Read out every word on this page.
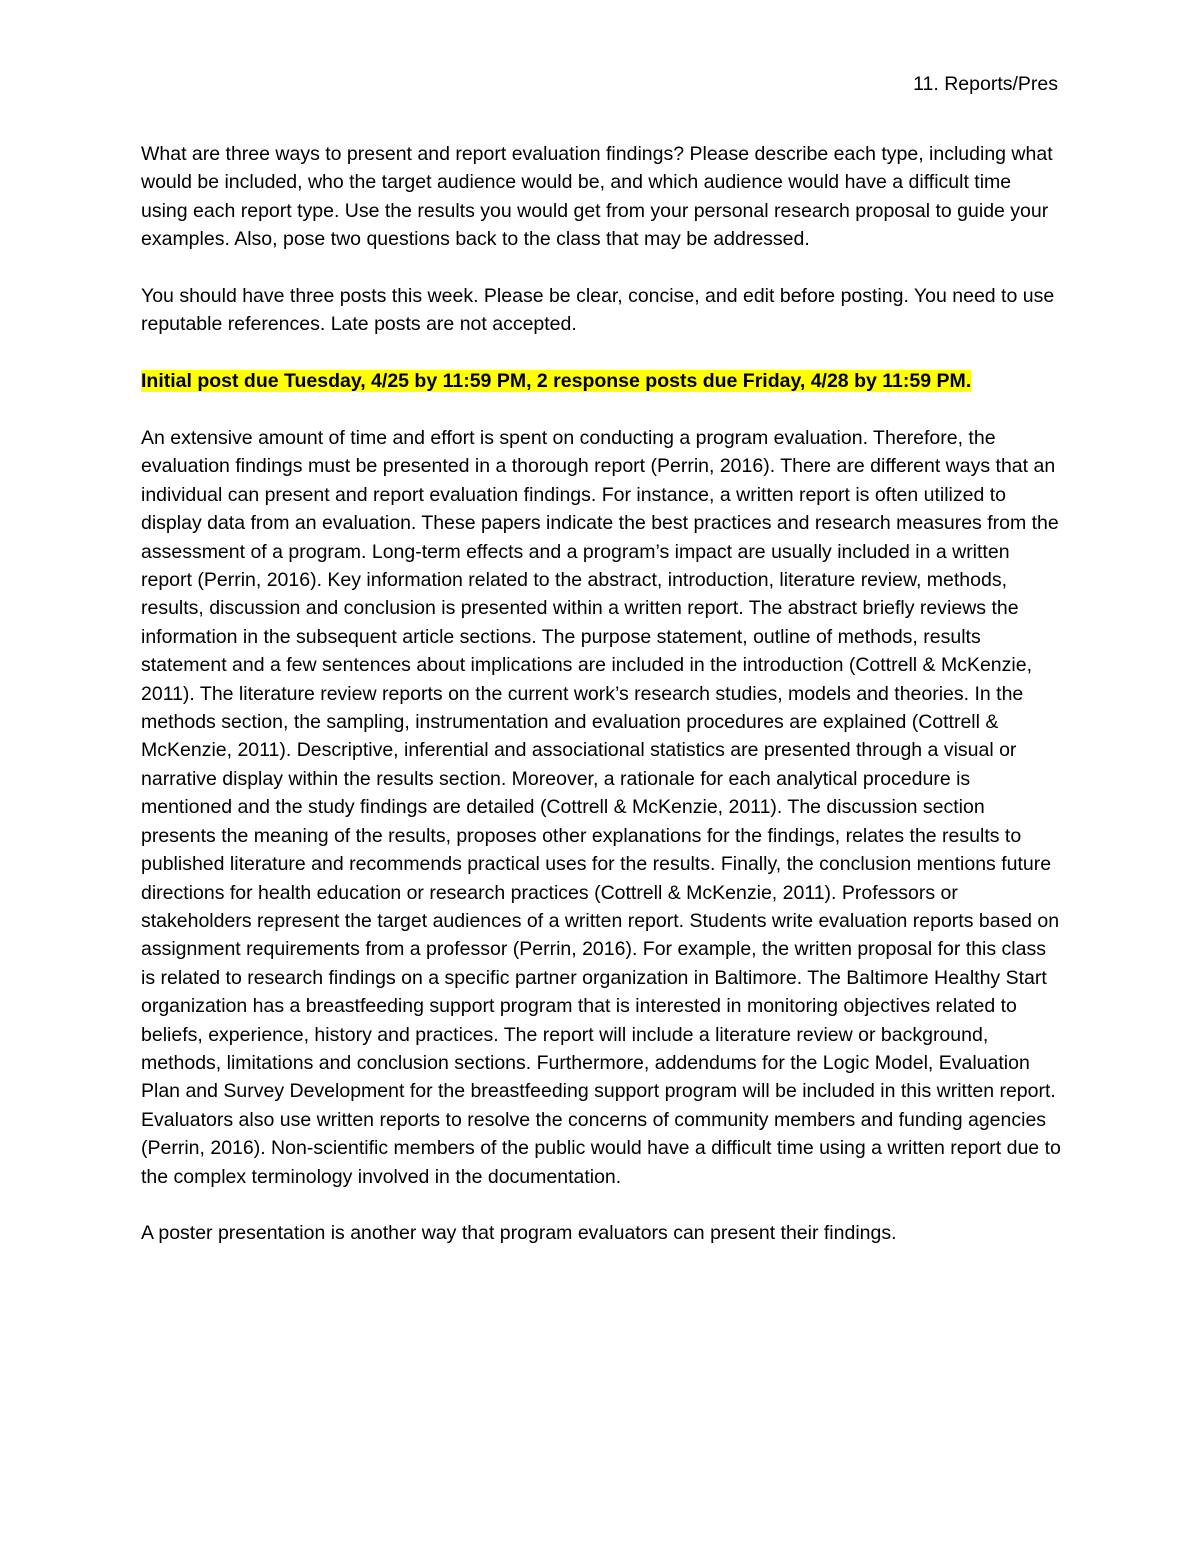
11. Reports/Pres

What are three ways to present and report evaluation findings? Please describe each type, including what would be included, who the target audience would be, and which audience would have a difficult time using each report type. Use the results you would get from your personal research proposal to guide your examples. Also, pose two questions back to the class that may be addressed.

You should have three posts this week. Please be clear, concise, and edit before posting. You need to use reputable references. Late posts are not accepted.

Initial post due Tuesday, 4/25 by 11:59 PM, 2 response posts due Friday, 4/28 by 11:59 PM.

An extensive amount of time and effort is spent on conducting a program evaluation. Therefore, the evaluation findings must be presented in a thorough report (Perrin, 2016). There are different ways that an individual can present and report evaluation findings. For instance, a written report is often utilized to display data from an evaluation. These papers indicate the best practices and research measures from the assessment of a program. Long-term effects and a program’s impact are usually included in a written report (Perrin, 2016). Key information related to the abstract, introduction, literature review, methods, results, discussion and conclusion is presented within a written report. The abstract briefly reviews the information in the subsequent article sections. The purpose statement, outline of methods, results statement and a few sentences about implications are included in the introduction (Cottrell & McKenzie, 2011). The literature review reports on the current work’s research studies, models and theories. In the methods section, the sampling, instrumentation and evaluation procedures are explained (Cottrell & McKenzie, 2011). Descriptive, inferential and associational statistics are presented through a visual or narrative display within the results section. Moreover, a rationale for each analytical procedure is mentioned and the study findings are detailed (Cottrell & McKenzie, 2011). The discussion section presents the meaning of the results, proposes other explanations for the findings, relates the results to published literature and recommends practical uses for the results. Finally, the conclusion mentions future directions for health education or research practices (Cottrell & McKenzie, 2011). Professors or stakeholders represent the target audiences of a written report. Students write evaluation reports based on assignment requirements from a professor (Perrin, 2016). For example, the written proposal for this class is related to research findings on a specific partner organization in Baltimore. The Baltimore Healthy Start organization has a breastfeeding support program that is interested in monitoring objectives related to beliefs, experience, history and practices. The report will include a literature review or background, methods, limitations and conclusion sections. Furthermore, addendums for the Logic Model, Evaluation Plan and Survey Development for the breastfeeding support program will be included in this written report. Evaluators also use written reports to resolve the concerns of community members and funding agencies (Perrin, 2016). Non-scientific members of the public would have a difficult time using a written report due to the complex terminology involved in the documentation.

A poster presentation is another way that program evaluators can present their findings.
